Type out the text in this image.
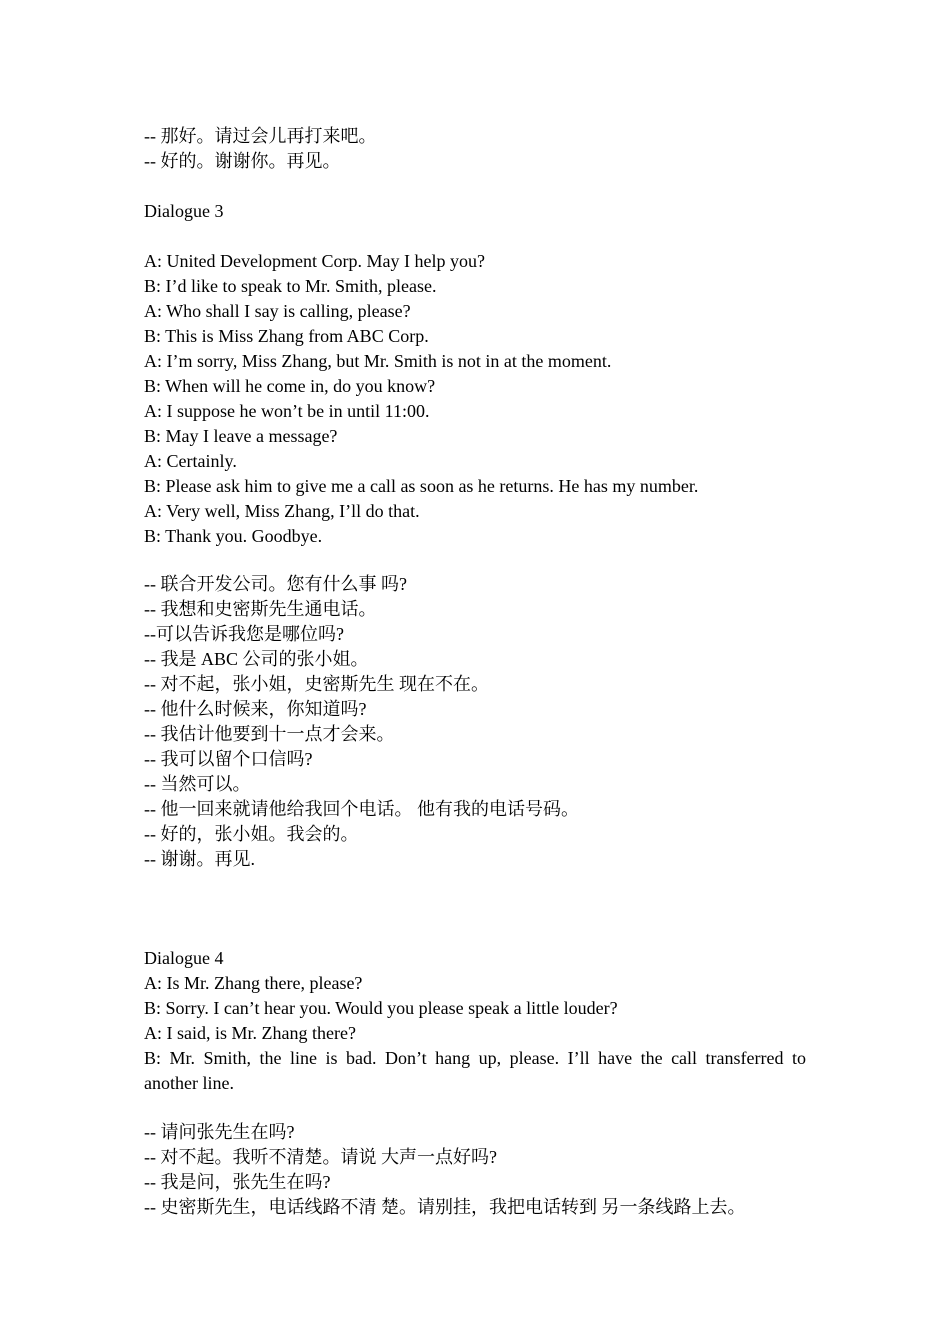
-- 那好。请过会儿再打来吧。
-- 好的。谢谢你。再见。
Dialogue 3
A: United Development Corp. May I help you?
B: I’d like to speak to Mr. Smith, please.
A: Who shall I say is calling, please?
B: This is Miss Zhang from ABC Corp.
A: I’m sorry, Miss Zhang, but Mr. Smith is not in at the moment.
B: When will he come in, do you know?
A: I suppose he won’t be in until 11:00.
B: May I leave a message?
A: Certainly.
B: Please ask him to give me a call as soon as he returns. He has my number.
A: Very well, Miss Zhang, I’ll do that.
B: Thank you. Goodbye.
-- 联合开发公司。您有什么事 吗?
-- 我想和史密斯先生通电话。
--可以告诉我您是哪位吗?
-- 我是 ABC 公司的张小姐。
-- 对不起，张小姐，史密斯先生 现在不在。
-- 他什么时候来，你知道吗?
-- 我估计他要到十一点才会来。
-- 我可以留个口信吗?
-- 当然可以。
-- 他一回来就请他给我回个电话。 他有我的电话号码。
-- 好的，张小姐。我会的。
-- 谢谢。再见.
Dialogue 4
A: Is Mr. Zhang there, please?
B: Sorry. I can’t hear you. Would you please speak a little louder?
A: I said, is Mr. Zhang there?
B: Mr. Smith, the line is bad. Don’t hang up, please. I’ll have the call transferred to
another line.
-- 请问张先生在吗?
-- 对不起。我听不清楚。请说 大声一点好吗?
-- 我是问，张先生在吗?
-- 史密斯先生，电话线路不清 楚。请别挂，我把电话转到 另一条线路上去。
